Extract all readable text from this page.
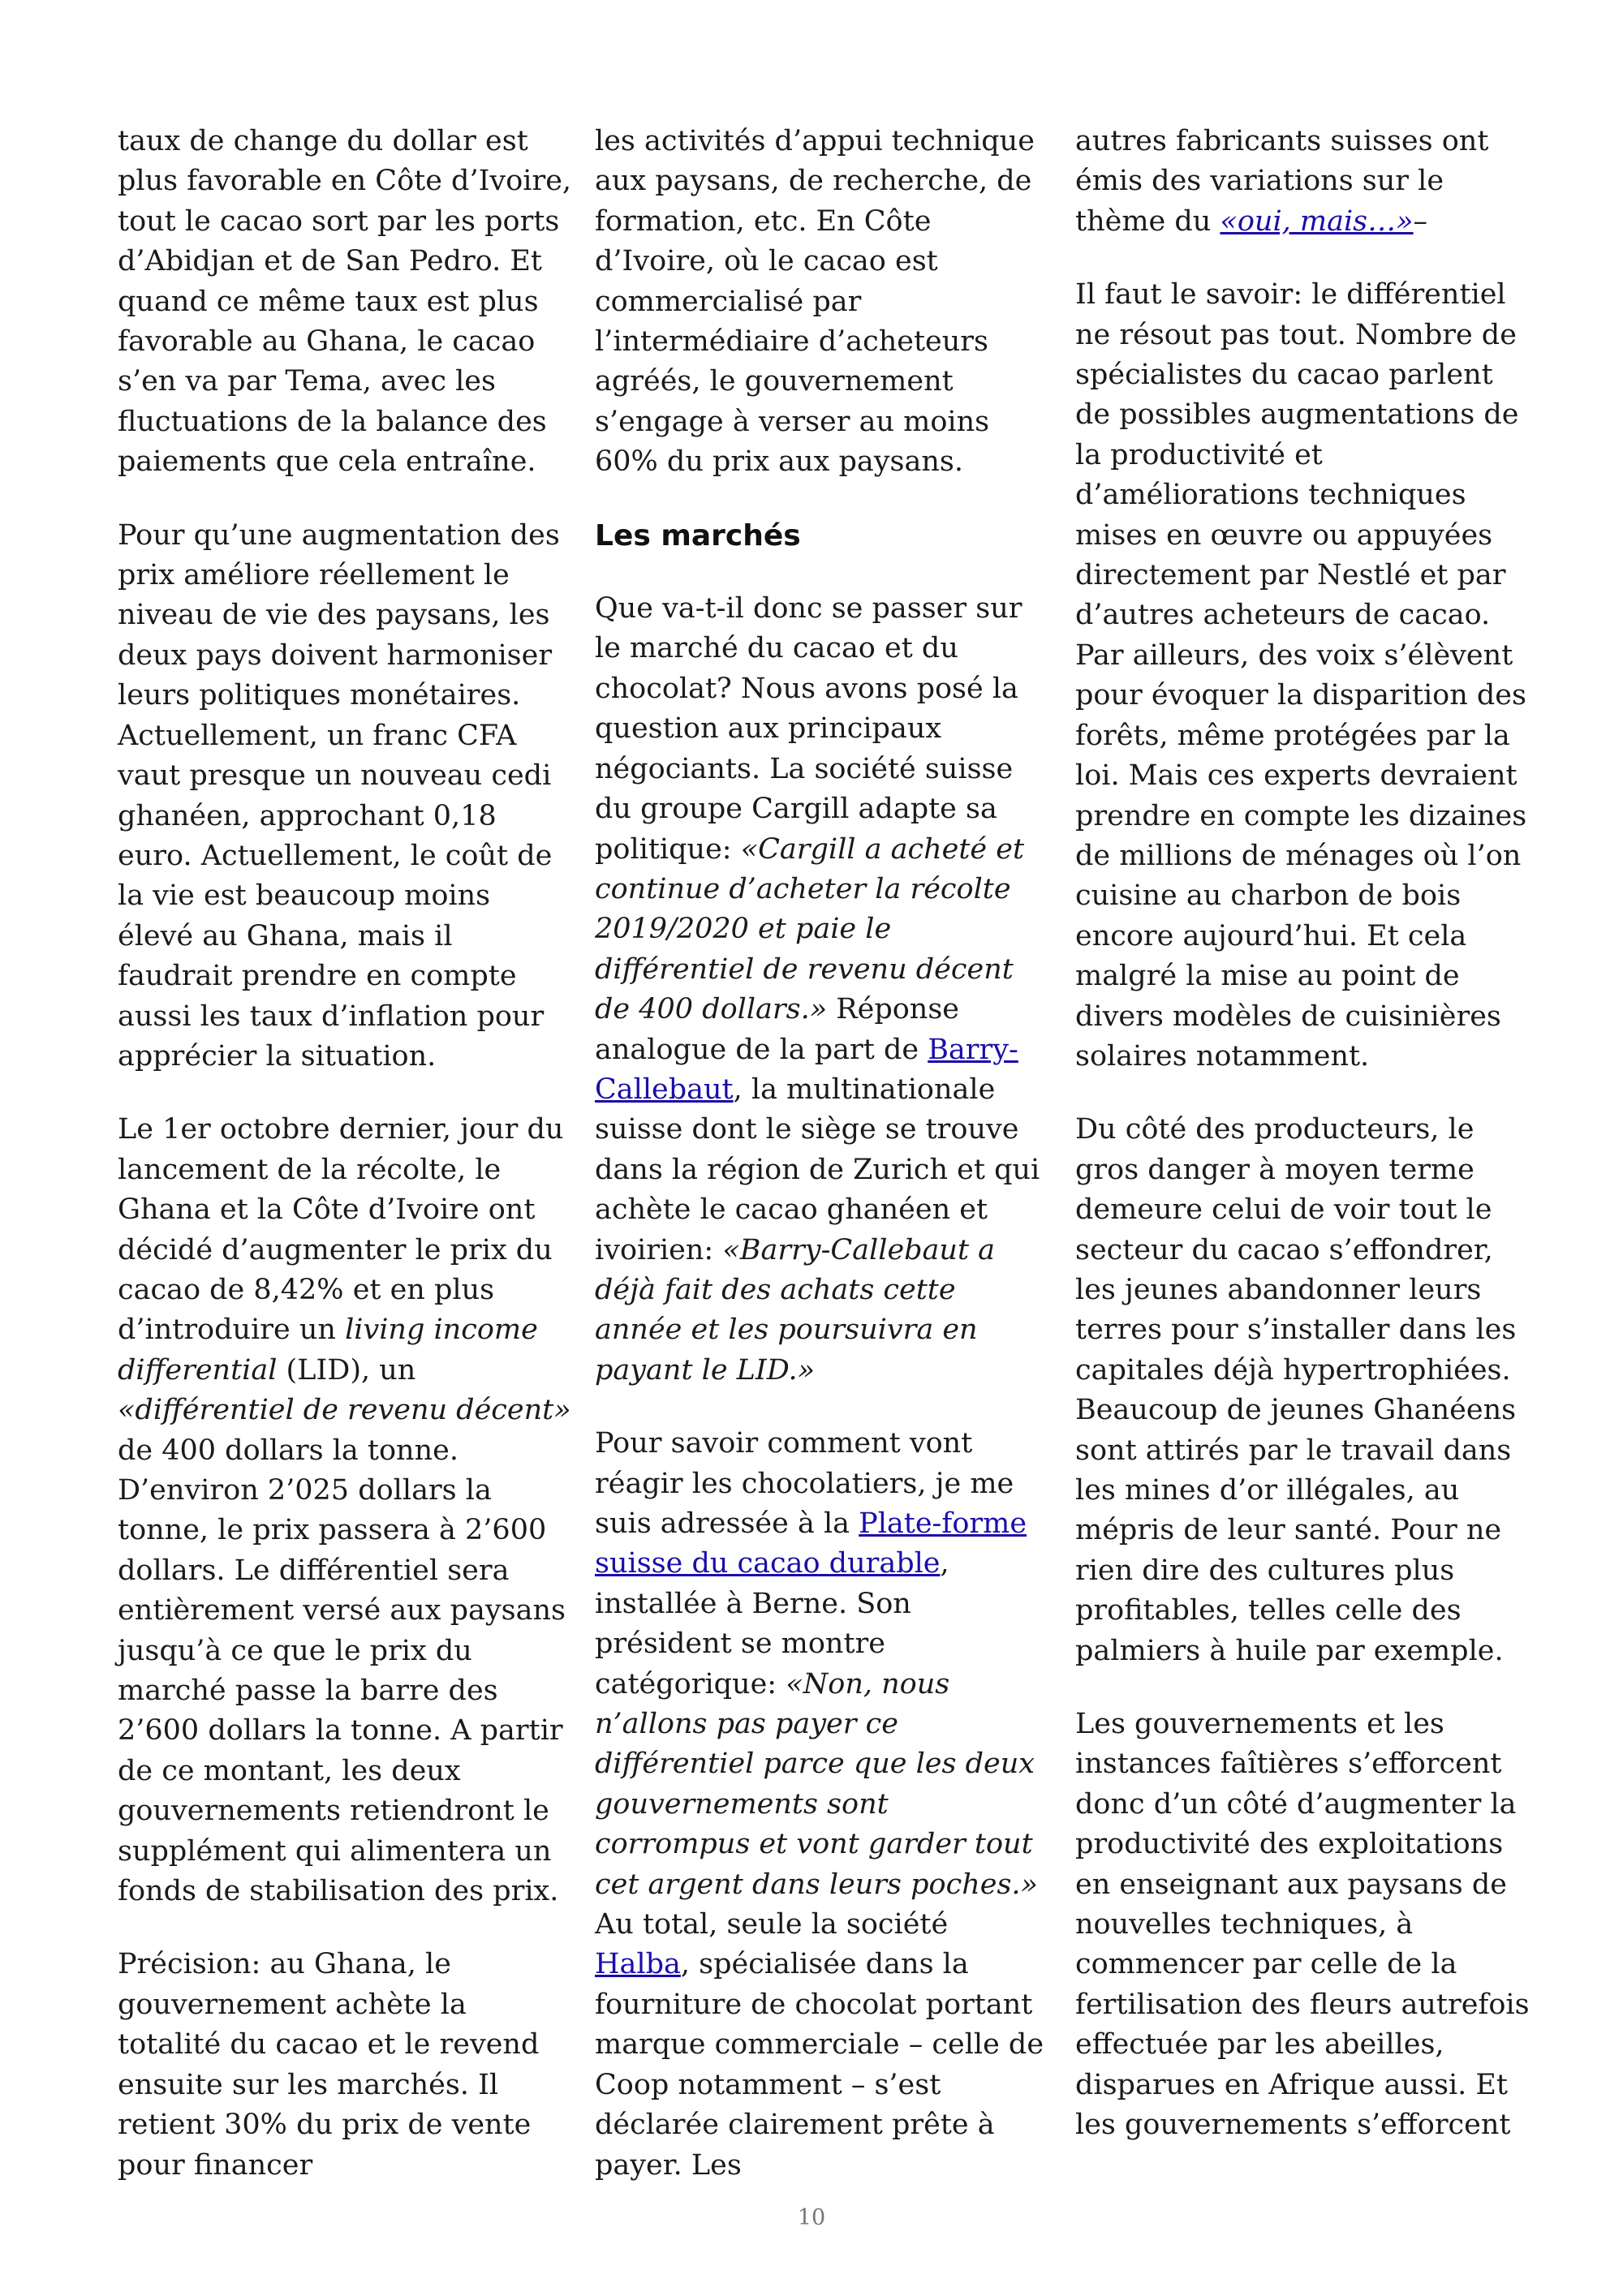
taux de change du dollar est plus favorable en Côte d’Ivoire, tout le cacao sort par les ports d’Abidjan et de San Pedro. Et quand ce même taux est plus favorable au Ghana, le cacao s’en va par Tema, avec les fluctuations de la balance des paiements que cela entraîne.

Pour qu’une augmentation des prix améliore réellement le niveau de vie des paysans, les deux pays doivent harmoniser leurs politiques monétaires. Actuellement, un franc CFA vaut presque un nouveau cedi ghanéen, approchant 0,18 euro. Actuellement, le coût de la vie est beaucoup moins élevé au Ghana, mais il faudrait prendre en compte aussi les taux d’inflation pour apprécier la situation.

Le 1er octobre dernier, jour du lancement de la récolte, le Ghana et la Côte d’Ivoire ont décidé d’augmenter le prix du cacao de 8,42% et en plus d’introduire un living income differential (LID), un «différentiel de revenu décent» de 400 dollars la tonne. D’environ 2’025 dollars la tonne, le prix passera à 2’600 dollars. Le différentiel sera entièrement versé aux paysans jusqu’à ce que le prix du marché passe la barre des 2’600 dollars la tonne. A partir de ce montant, les deux gouvernements retiendront le supplément qui alimentera un fonds de stabilisation des prix.

Précision: au Ghana, le gouvernement achète la totalité du cacao et le revend ensuite sur les marchés. Il retient 30% du prix de vente pour financer

les activités d’appui technique aux paysans, de recherche, de formation, etc. En Côte d’Ivoire, où le cacao est commercialisé par l’intermédiaire d’acheteurs agréés, le gouvernement s’engage à verser au moins 60% du prix aux paysans.

Les marchés

Que va-t-il donc se passer sur le marché du cacao et du chocolat? Nous avons posé la question aux principaux négociants. La société suisse du groupe Cargill adapte sa politique: «Cargill a acheté et continue d’acheter la récolte 2019/2020 et paie le différentiel de revenu décent de 400 dollars.» Réponse analogue de la part de Barry-Callebaut, la multinationale suisse dont le siège se trouve dans la région de Zurich et qui achète le cacao ghanéen et ivoirien: «Barry-Callebaut a déjà fait des achats cette année et les poursuivra en payant le LID.»

Pour savoir comment vont réagir les chocolatiers, je me suis adressée à la Plate-forme suisse du cacao durable, installée à Berne. Son président se montre catégorique: «Non, nous n’allons pas payer ce différentiel parce que les deux gouvernements sont corrompus et vont garder tout cet argent dans leurs poches.» Au total, seule la société Halba, spécialisée dans la fourniture de chocolat portant marque commerciale – celle de Coop notamment – s’est déclarée clairement prête à payer. Les

autres fabricants suisses ont émis des variations sur le thème du «oui, mais…»–

Il faut le savoir: le différentiel ne résout pas tout. Nombre de spécialistes du cacao parlent de possibles augmentations de la productivité et d’améliorations techniques mises en œuvre ou appuyées directement par Nestlé et par d’autres acheteurs de cacao. Par ailleurs, des voix s’élèvent pour évoquer la disparition des forêts, même protégées par la loi. Mais ces experts devraient prendre en compte les dizaines de millions de ménages où l’on cuisine au charbon de bois encore aujourd’hui. Et cela malgré la mise au point de divers modèles de cuisinières solaires notamment.

Du côté des producteurs, le gros danger à moyen terme demeure celui de voir tout le secteur du cacao s’effondrer, les jeunes abandonner leurs terres pour s’installer dans les capitales déjà hypertrophiées. Beaucoup de jeunes Ghanéens sont attirés par le travail dans les mines d’or illégales, au mépris de leur santé. Pour ne rien dire des cultures plus profitables, telles celle des palmiers à huile par exemple.

Les gouvernements et les instances faîtières s’efforcent donc d’un côté d’augmenter la productivité des exploitations en enseignant aux paysans de nouvelles techniques, à commencer par celle de la fertilisation des fleurs autrefois effectuée par les abeilles, disparues en Afrique aussi. Et les gouvernements s’efforcent

10
